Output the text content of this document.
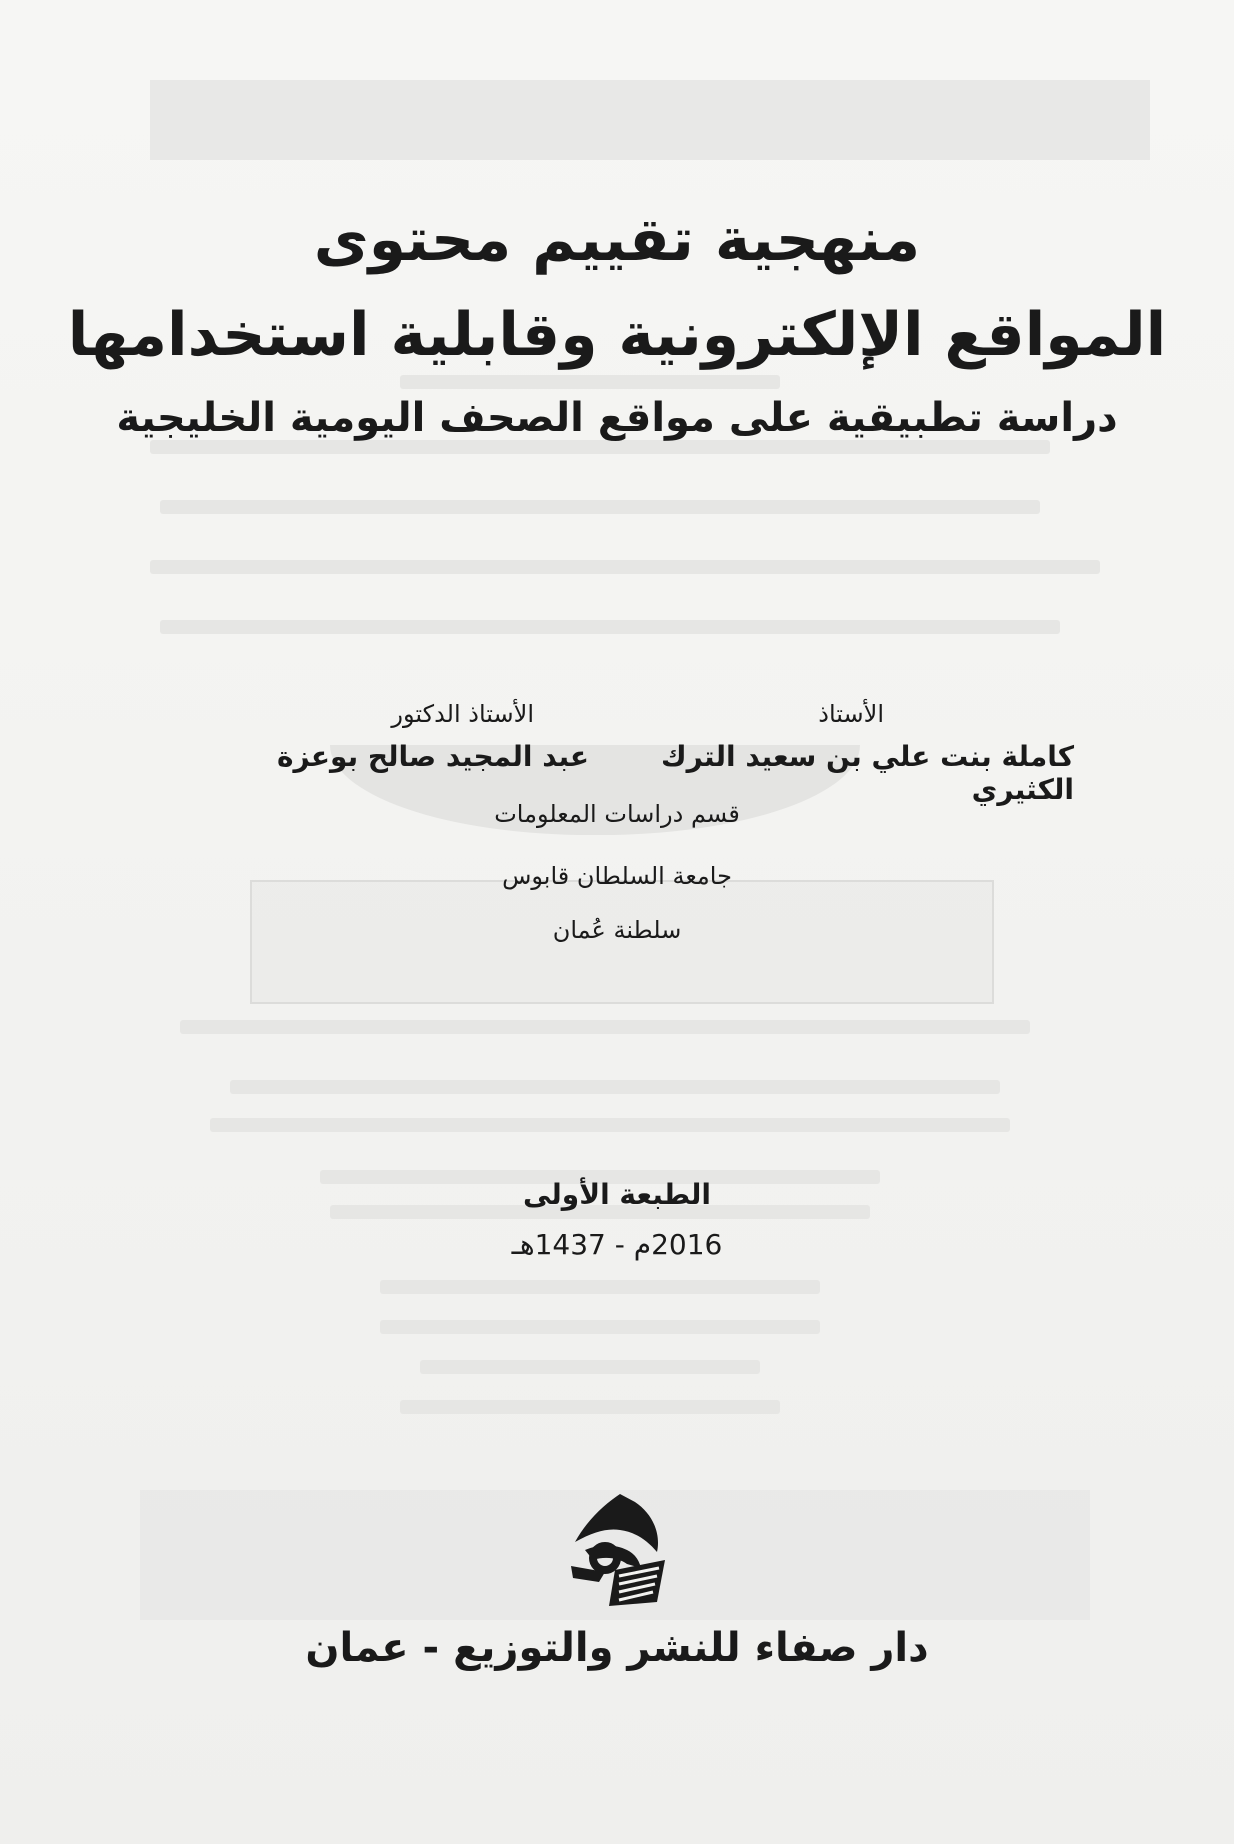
منهجية تقييم محتوى
المواقع الإلكترونية وقابلية استخدامها
دراسة تطبيقية على مواقع الصحف اليومية الخليجية
الأستاذ
كاملة بنت علي بن سعيد الترك الكثيري
الأستاذ الدكتور
عبد المجيد صالح بوعزة
قسم دراسات المعلومات
جامعة السلطان قابوس
سلطنة عُمان
الطبعة الأولى
2016م - 1437هـ
دار صفاء للنشر والتوزيع - عمان
